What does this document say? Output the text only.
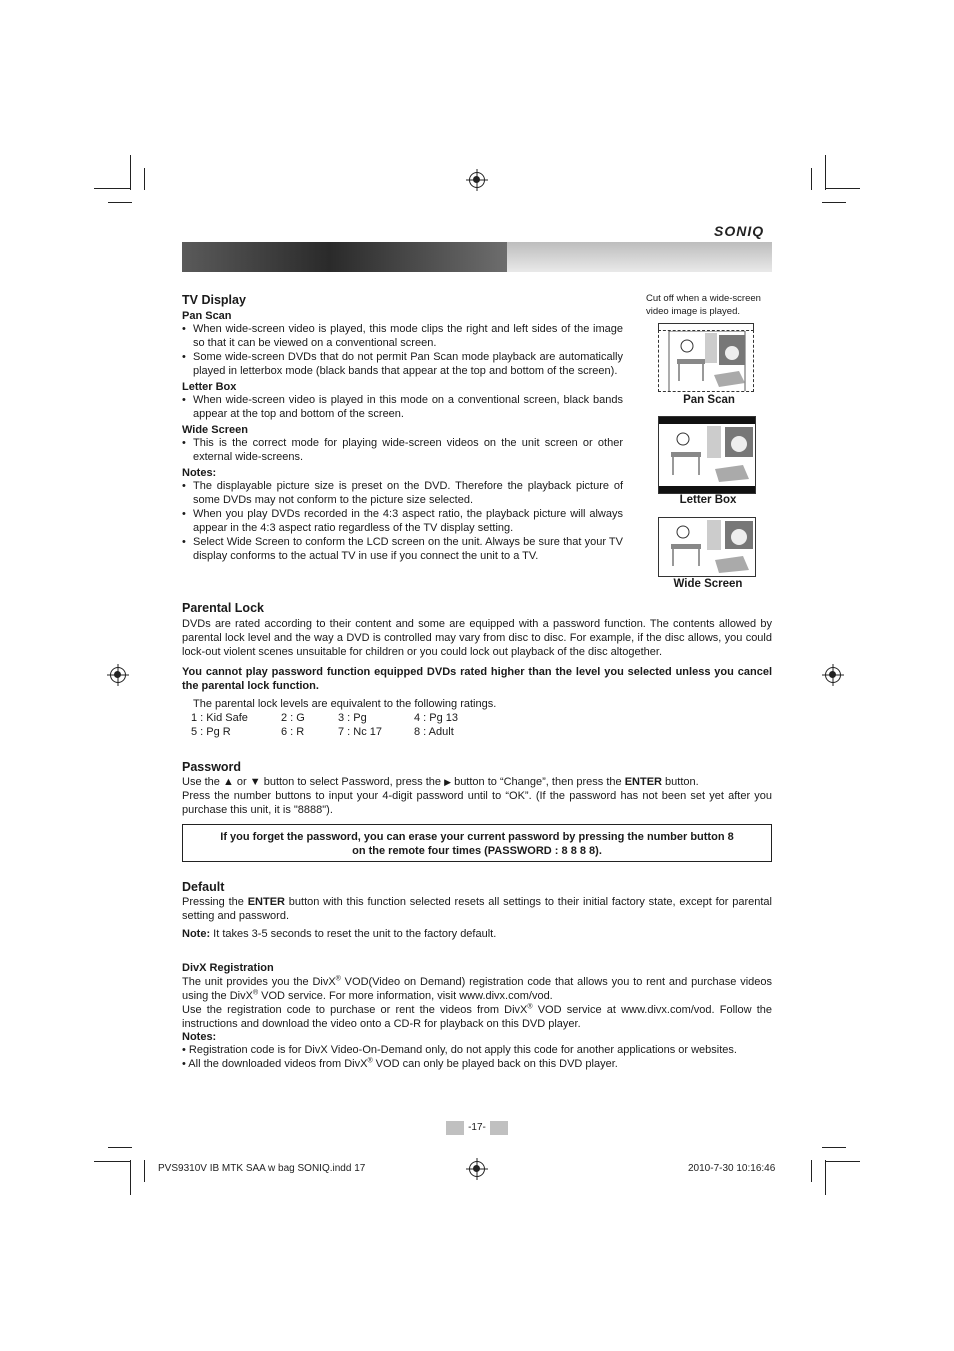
SONIQ
TV Display
Pan Scan
• When wide-screen video is played, this mode clips the right and left sides of the image so that it can be viewed on a conventional screen.
• Some wide-screen DVDs that do not permit Pan Scan mode playback are automatically played in letterbox mode (black bands that appear at the top and bottom of the screen).
Letter Box
• When wide-screen video is played in this mode on a conventional screen, black bands appear at the top and bottom of the screen.
Wide Screen
• This is the correct mode for playing wide-screen videos on the unit screen or other external wide-screens.
Notes:
• The displayable picture size is preset on the DVD. Therefore the playback picture of some DVDs may not conform to the picture size selected.
• When you play DVDs recorded in the 4:3 aspect ratio, the playback picture will always appear in the 4:3 aspect ratio regardless of the TV display setting.
• Select Wide Screen to conform the LCD screen on the unit. Always be sure that your TV display conforms to the actual TV in use if you connect the unit to a TV.
Cut off when a wide-screen video image is played.
Pan Scan
Letter Box
Wide Screen
Parental Lock
DVDs are rated according to their content and some are equipped with a password function. The contents allowed by parental lock level and the way a DVD is controlled may vary from disc to disc. For example, if the disc allows, you could lock-out violent scenes unsuitable for children or you could lock out playback of the disc altogether.
You cannot play password function equipped DVDs rated higher than the level you selected unless you cancel the parental lock function.
The parental lock levels are equivalent to the following ratings.
1 : Kid Safe	2 : G	3 : Pg	4 : Pg 13
5 : Pg R	6 : R	7 : Nc 17	8 : Adult
Password
Use the ▲ or ▼ button to select Password, press the ▶ button to “Change”, then press the ENTER button.
Press the number buttons to input your 4-digit password until to “OK”. (If the password has not been set yet after you purchase this unit, it is "8888").
If you forget the password, you can erase your current password by pressing the number button 8
on the remote four times (PASSWORD : 8 8 8 8).
Default
Pressing the ENTER button with this function selected resets all settings to their initial factory state, except for parental setting and password.
Note: It takes 3-5 seconds to reset the unit to the factory default.
DivX Registration
The unit provides you the DivX® VOD(Video on Demand) registration code that allows you to rent and purchase videos using the DivX® VOD service. For more information, visit www.divx.com/vod.
Use the registration code to purchase or rent the videos from DivX® VOD service at www.divx.com/vod. Follow the instructions and download the video onto a CD-R for playback on this DVD player.
Notes:
• Registration code is for DivX Video-On-Demand only, do not apply this code for another applications or websites.
• All the downloaded videos from DivX® VOD can only be played back on this DVD player.
-17-
PVS9310V IB MTK SAA w bag SONIQ.indd 17	2010-7-30 10:16:46
